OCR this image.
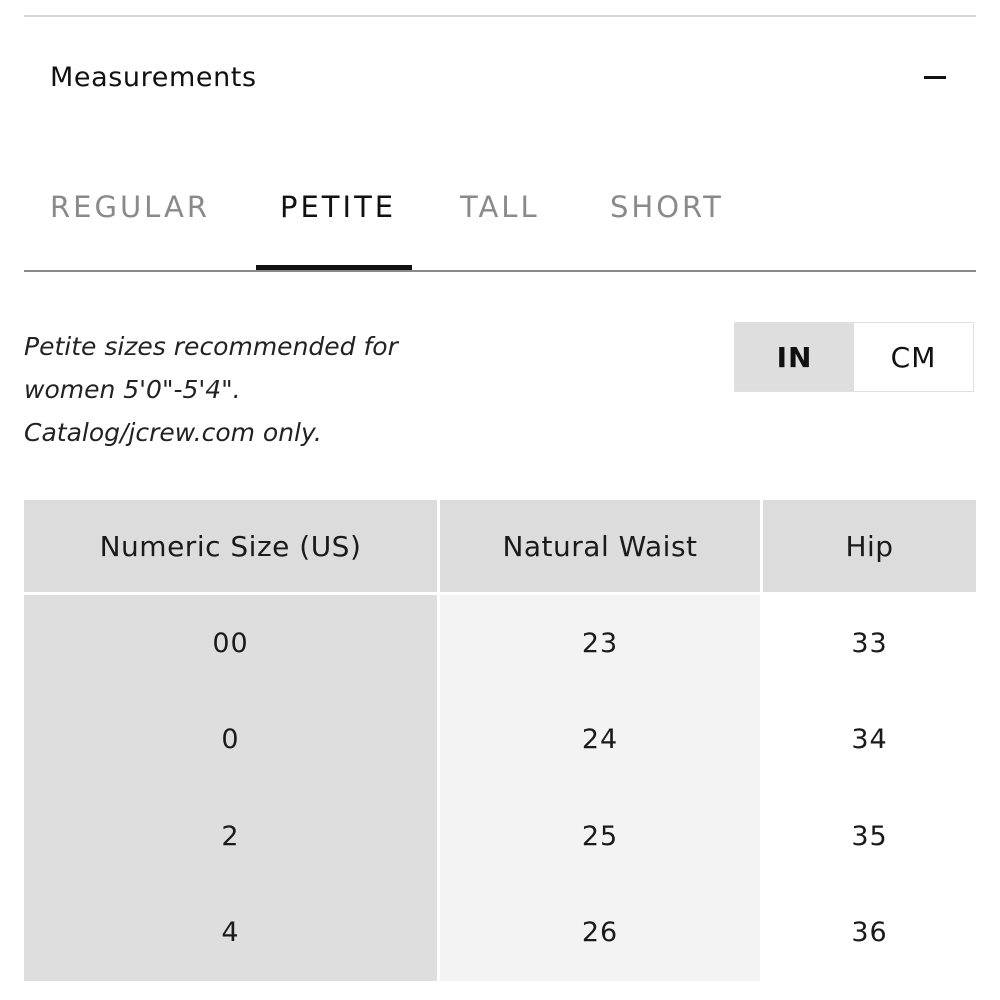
Measurements
REGULAR PETITE TALL SHORT
Petite sizes recommended for
women 5'0"-5'4".
Catalog/jcrew.com only.
IN	CM
Numeric Size (US)	Natural Waist	Hip
00	23	33
0	24	34
2	25	35
4	26	36
